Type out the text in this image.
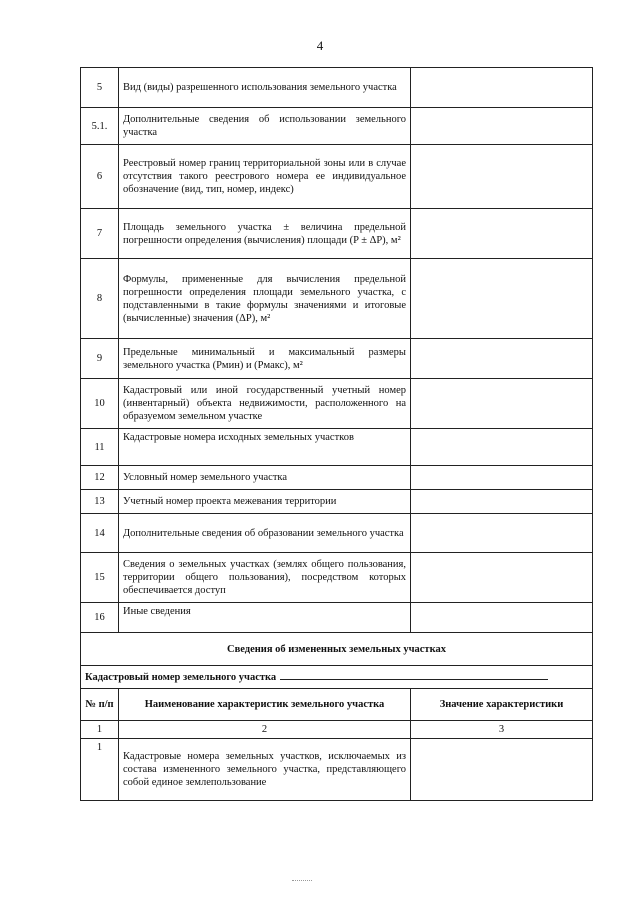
4
5	Вид (виды) разрешенного использования земельного участка	
5.1.	Дополнительные сведения об использовании земельного участка	
6	Реестровый номер границ территориальной зоны или в случае отсутствия такого реестрового номера ее индивидуальное обозначение (вид, тип, номер, индекс)	
7	Площадь земельного участка ± величина предельной погрешности определения (вычисления) площади (P ± ΔP), м²	
8	Формулы, примененные для вычисления предельной погрешности определения площади земельного участка, с подставленными в такие формулы значениями и итоговые (вычисленные) значения (ΔP), м²	
9	Предельные минимальный и максимальный размеры земельного участка (Pмин) и (Pмакс), м²	
10	Кадастровый или иной государственный учетный номер (инвентарный) объекта недвижимости, расположенного на образуемом земельном участке	
11	Кадастровые номера исходных земельных участков	
12	Условный номер земельного участка	
13	Учетный номер проекта межевания территории	
14	Дополнительные сведения об образовании земельного участка	
15	Сведения о земельных участках (землях общего пользования, территории общего пользования), посредством которых обеспечивается доступ	
16	Иные сведения	
Сведения об измененных земельных участках		
Кадастровый номер земельного участка		
№ п/п	Наименование характеристик земельного участка	Значение характеристики
1	2	3
1	Кадастровые номера земельных участков, исключаемых из состава измененного земельного участка, представляющего собой единое землепользование	
